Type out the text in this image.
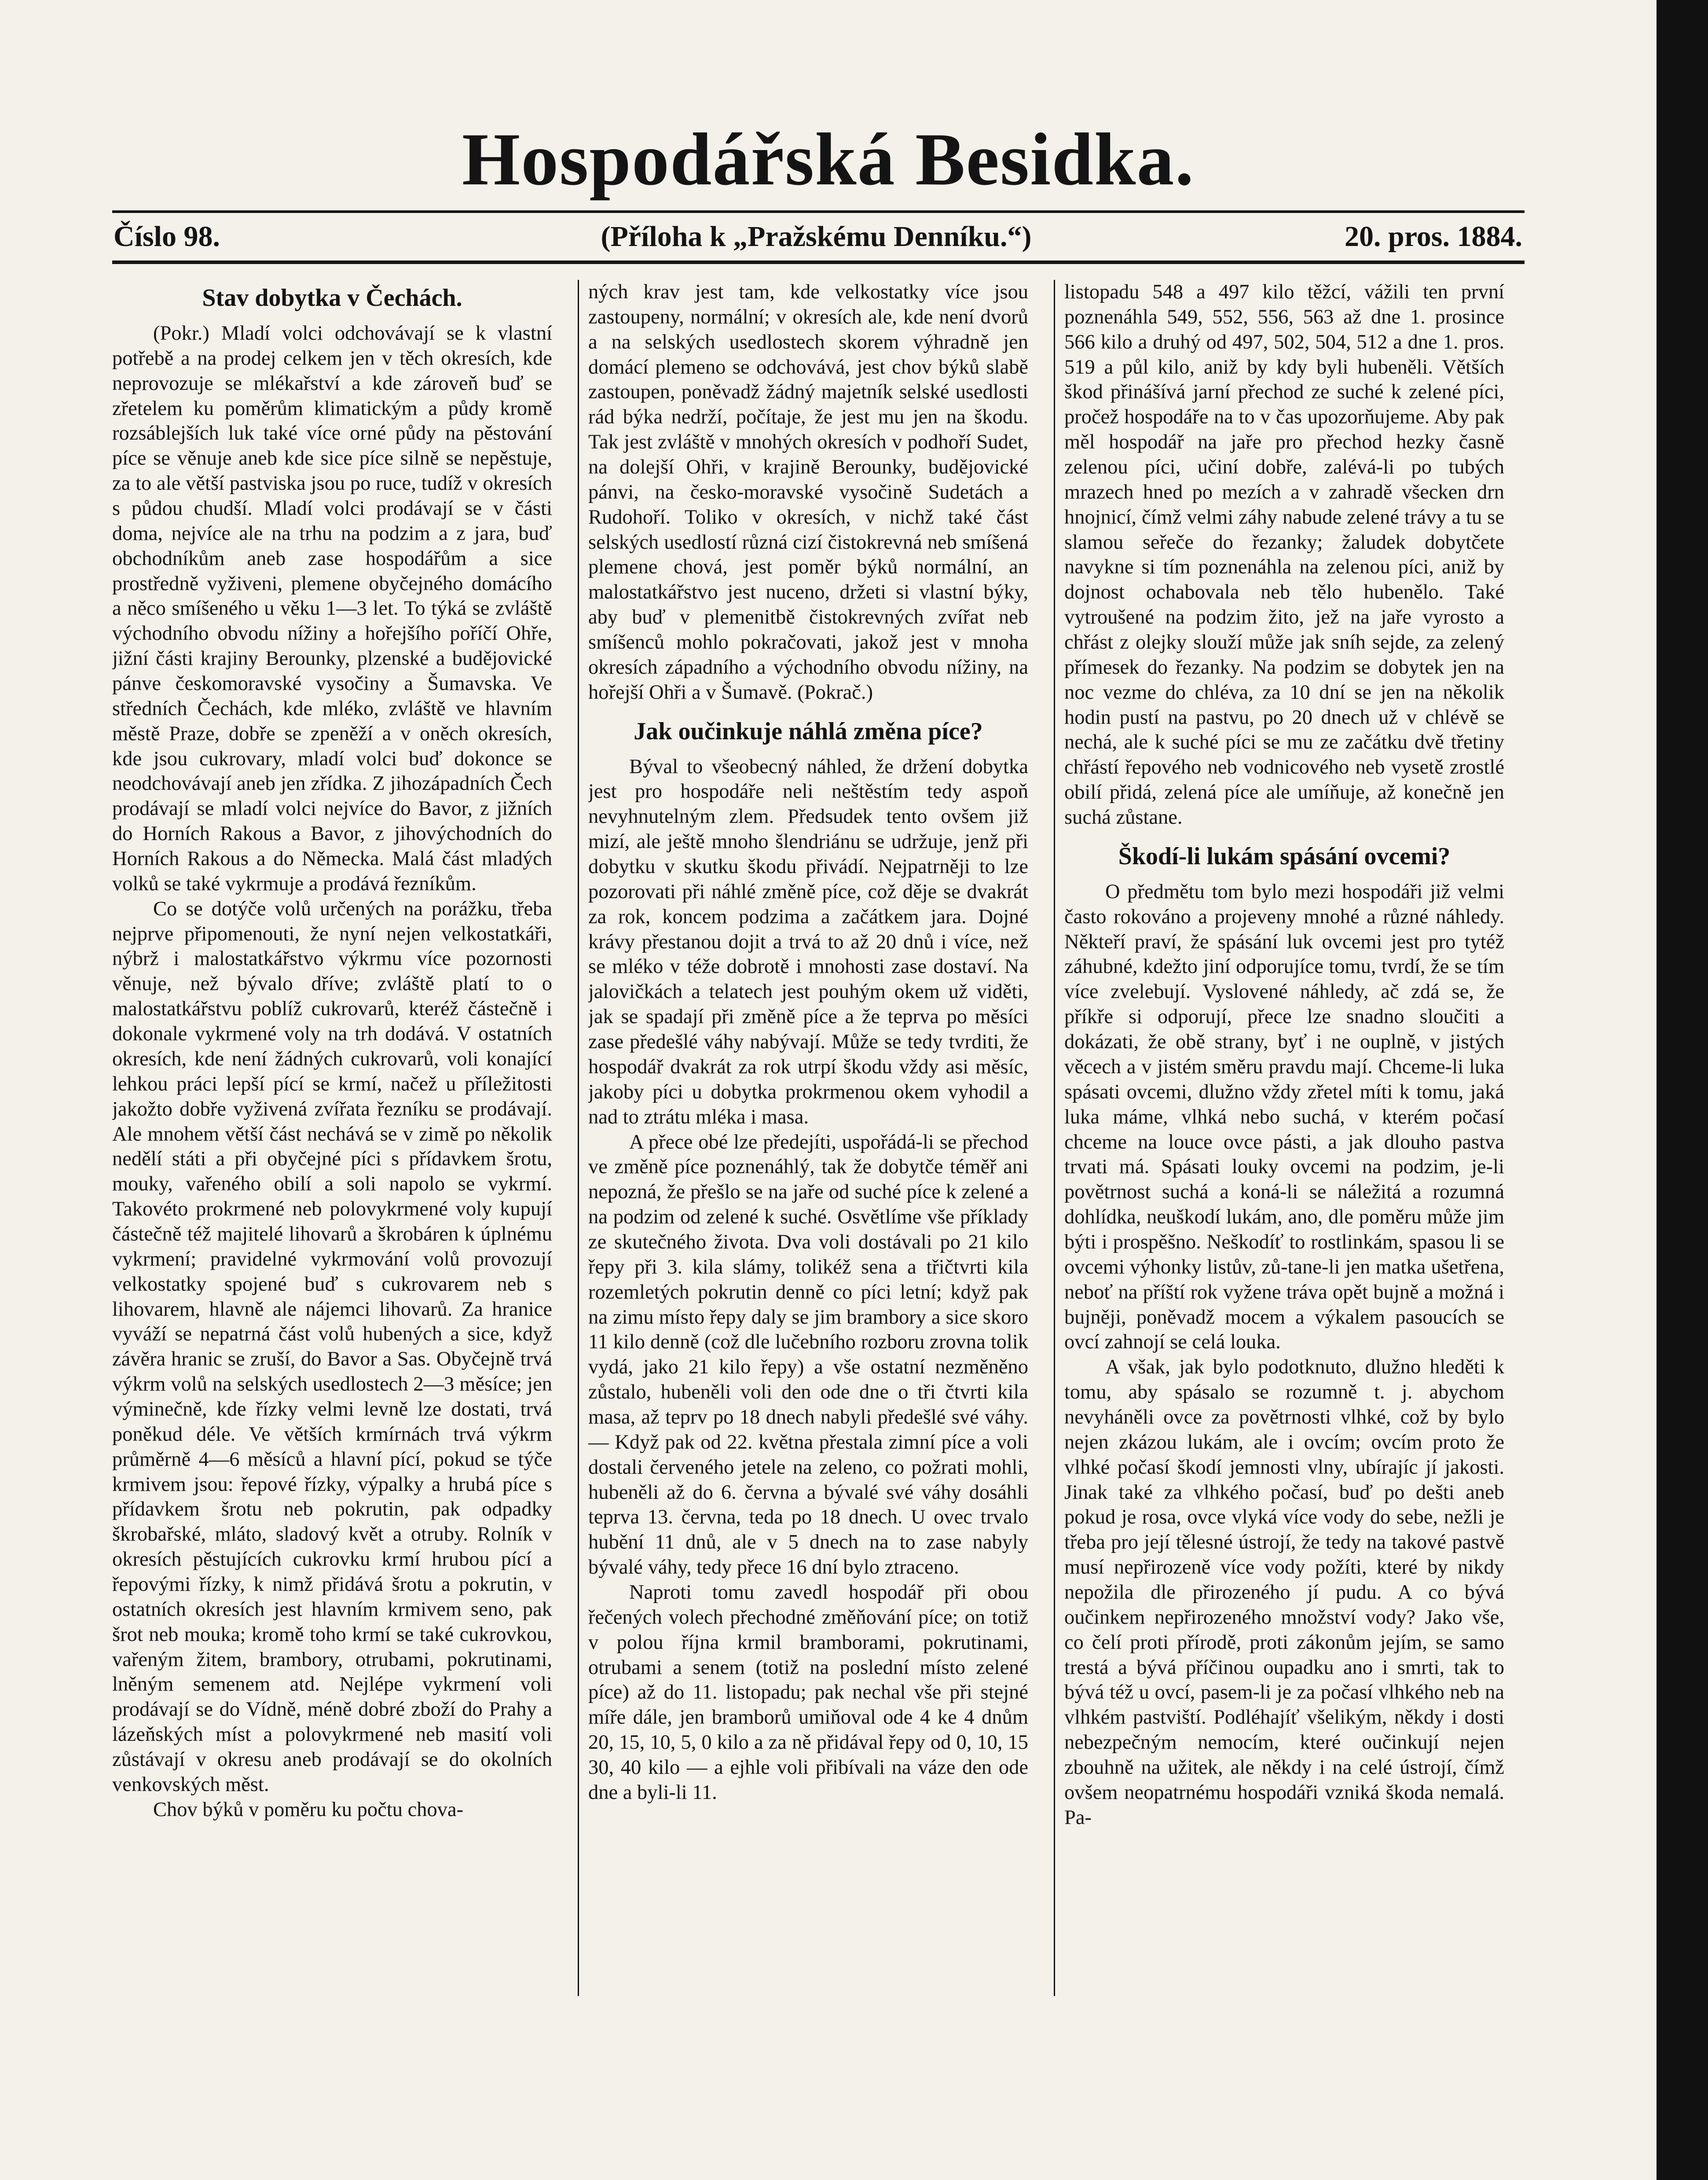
Hospodářská Besidka.
Číslo 98.	(Příloha k „Pražskému Denníku.“)	20. pros. 1884.
Stav dobytka v Čechách.

(Pokr.) Mladí volci odchovávají se k vlastní potřebě a na prodej celkem jen v těch okresích, kde neprovozuje se mlékařství a kde zároveň buď se zřetelem ku poměrům klimatickým a půdy kromě rozsáblejších luk také více orné půdy na pěstování píce se věnuje aneb kde sice píce silně se nepěstuje, za to ale větší pastviska jsou po ruce, tudíž v okresích s půdou chudší. Mladí volci prodávají se v části doma, nejvíce ale na trhu na podzim a z jara, buď obchodníkům aneb zase hospodářům a sice prostředně vyživeni, plemene obyčejného domácího a něco smíšeného u věku 1—3 let. To týká se zvláště východního obvodu nížiny a hořejšího poříčí Ohře, jižní části krajiny Berounky, plzenské a budějovické pánve českomoravské vysočiny a Šumavska. Ve středních Čechách, kde mléko, zvláště ve hlavním městě Praze, dobře se zpeněží a v oněch okresích, kde jsou cukrovary, mladí volci buď dokonce se neodchovávají aneb jen zřídka. Z jihozápadních Čech prodávají se mladí volci nejvíce do Bavor, z jižních do Horních Rakous a Bavor, z jihovýchodních do Horních Rakous a do Německa. Malá část mladých volků se také vykrmuje a prodává řezníkům.

Co se dotýče volů určených na porážku, třeba nejprve připomenouti, že nyní nejen velkostatkáři, nýbrž i malostatkářstvo výkrmu více pozornosti věnuje, než bývalo dříve; zvláště platí to o malostatkářstvu poblíž cukrovarů, kteréž částečně i dokonale vykrmené voly na trh dodává. V ostatních okresích, kde není žádných cukrovarů, voli konající lehkou práci lepší pící se krmí, načež u příležitosti jakožto dobře vyživená zvířata řezníku se prodávají. Ale mnohem větší část nechává se v zimě po několik nedělí státi a při obyčejné píci s přídavkem šrotu, mouky, vařeného obilí a soli napolo se vykrmí. Takovéto prokrmené neb polovykrmené voly kupují částečně též majitelé lihovarů a škrobáren k úplnému vykrmení; pravidelné vykrmování volů provozují velkostatky spojené buď s cukrovarem neb s lihovarem, hlavně ale nájemci lihovarů. Za hranice vyváží se nepatrná část volů hubených a sice, když závěra hranic se zruší, do Bavor a Sas. Obyčejně trvá výkrm volů na selských usedlostech 2—3 měsíce; jen výminečně, kde řízky velmi levně lze dostati, trvá poněkud déle. Ve větších krmírnách trvá výkrm průměrně 4—6 měsíců a hlavní pící, pokud se týče krmivem jsou: řepové řízky, výpalky a hrubá píce s přídavkem šrotu neb pokrutin, pak odpadky škrobařské, mláto, sladový květ a otruby. Rolník v okresích pěstujících cukrovku krmí hrubou pící a řepovými řízky, k nimž přidává šrotu a pokrutin, v ostatních okresích jest hlavním krmivem seno, pak šrot neb mouka; kromě toho krmí se také cukrovkou, vařeným žitem, brambory, otrubami, pokrutinami, lněným semenem atd. Nejlépe vykrmení voli prodávají se do Vídně, méně dobré zboží do Prahy a lázeňských míst a polovykrmené neb masití voli zůstávají v okresu aneb prodávají se do okolních venkovských měst.

Chov býků v poměru ku počtu chova-

ných krav jest tam, kde velkostatky více jsou zastoupeny, normální; v okresích ale, kde není dvorů a na selských usedlostech skorem výhradně jen domácí plemeno se odchovává, jest chov býků slabě zastoupen, poněvadž žádný majetník selské usedlosti rád býka nedrží, počítaje, že jest mu jen na škodu. Tak jest zvláště v mnohých okresích v podhoří Sudet, na dolejší Ohři, v krajině Berounky, budějovické pánvi, na česko-moravské vysočině Sudetách a Rudohoří. Toliko v okresích, v nichž také část selských usedlostí různá cizí čistokrevná neb smíšená plemene chová, jest poměr býků normální, an malostatkářstvo jest nuceno, držeti si vlastní býky, aby buď v plemenitbě čistokrevných zvířat neb smíšenců mohlo pokračovati, jakož jest v mnoha okresích západního a východního obvodu nížiny, na hořejší Ohři a v Šumavě. (Pokrač.)

Jak oučinkuje náhlá změna píce?

Býval to všeobecný náhled, že držení dobytka jest pro hospodáře neli neštěstím tedy aspoň nevyhnutelným zlem. Předsudek tento ovšem již mizí, ale ještě mnoho šlendriánu se udržuje, jenž při dobytku v skutku škodu přivádí. Nejpatrněji to lze pozorovati při náhlé změně píce, což děje se dvakrát za rok, koncem podzima a začátkem jara. Dojné krávy přestanou dojit a trvá to až 20 dnů i více, než se mléko v téže dobrotě i mnohosti zase dostaví. Na jalovičkách a telatech jest pouhým okem už viděti, jak se spadají při změně píce a že teprva po měsíci zase předešlé váhy nabývají. Může se tedy tvrditi, že hospodář dvakrát za rok utrpí škodu vždy asi měsíc, jakoby píci u dobytka prokrmenou okem vyhodil a nad to ztrátu mléka i masa.

A přece obé lze předejíti, uspořádá-li se přechod ve změně píce poznenáhlý, tak že dobytče téměř ani nepozná, že přešlo se na jaře od suché píce k zelené a na podzim od zelené k suché. Osvětlíme vše příklady ze skutečného života. Dva voli dostávali po 21 kilo řepy při 3. kila slámy, tolikéž sena a třičtvrti kila rozemletých pokrutin denně co píci letní; když pak na zimu místo řepy daly se jim brambory a sice skoro 11 kilo denně (což dle lučebního rozboru zrovna tolik vydá, jako 21 kilo řepy) a vše ostatní nezměněno zůstalo, hubeněli voli den ode dne o tři čtvrti kila masa, až teprv po 18 dnech nabyli předešlé své váhy. — Když pak od 22. května přestala zimní píce a voli dostali červeného jetele na zeleno, co požrati mohli, hubeněli až do 6. června a bývalé své váhy dosáhli teprva 13. června, teda po 18 dnech. U ovec trvalo hubění 11 dnů, ale v 5 dnech na to zase nabyly bývalé váhy, tedy přece 16 dní bylo ztraceno.

Naproti tomu zavedl hospodář při obou řečených volech přechodné změňování píce; on totiž v polou října krmil bramborami, pokrutinami, otrubami a senem (totiž na poslední místo zelené píce) až do 11. listopadu; pak nechal vše při stejné míře dále, jen bramborů umiňoval ode 4 ke 4 dnům 20, 15, 10, 5, 0 kilo a za ně přidával řepy od 0, 10, 15 30, 40 kilo — a ejhle voli přibívali na váze den ode dne a byli-li 11.

listopadu 548 a 497 kilo těžcí, vážili ten první poznenáhla 549, 552, 556, 563 až dne 1. prosince 566 kilo a druhý od 497, 502, 504, 512 a dne 1. pros. 519 a půl kilo, aniž by kdy byli hubeněli. Větších škod přinášívá jarní přechod ze suché k zelené píci, pročež hospodáře na to v čas upozorňujeme. Aby pak měl hospodář na jaře pro přechod hezky časně zelenou píci, učiní dobře, zalévá-li po tubých mrazech hned po mezích a v zahradě všecken drn hnojnicí, čímž velmi záhy nabude zelené trávy a tu se slamou seřeče do řezanky; žaludek dobytčete navykne si tím poznenáhla na zelenou píci, aniž by dojnost ochabovala neb tělo hubenělo. Také vytroušené na podzim žito, jež na jaře vyrosto a chřást z olejky slouží může jak sníh sejde, za zelený přímesek do řezanky. Na podzim se dobytek jen na noc vezme do chléva, za 10 dní se jen na několik hodin pustí na pastvu, po 20 dnech už v chlévě se nechá, ale k suché píci se mu ze začátku dvě třetiny chřástí řepového neb vodnicového neb vysetě zrostlé obilí přidá, zelená píce ale umíňuje, až konečně jen suchá zůstane.

Škodí-li lukám spásání ovcemi?

O předmětu tom bylo mezi hospodáři již velmi často rokováno a projeveny mnohé a různé náhledy. Někteří praví, že spásání luk ovcemi jest pro tytéž záhubné, kdežto jiní odporujíce tomu, tvrdí, že se tím více zvelebují. Vyslovené náhledy, ač zdá se, že příkře si odporují, přece lze snadno sloučiti a dokázati, že obě strany, byť i ne ouplně, v jistých věcech a v jistém směru pravdu mají. Chceme-li luka spásati ovcemi, dlužno vždy zřetel míti k tomu, jaká luka máme, vlhká nebo suchá, v kterém počasí chceme na louce ovce pásti, a jak dlouho pastva trvati má. Spásati louky ovcemi na podzim, je-li povětrnost suchá a koná-li se náležitá a rozumná dohlídka, neuškodí lukám, ano, dle poměru může jim býti i prospěšno. Neškodíť to rostlinkám, spasou li se ovcemi výhonky listův, zů-tane-li jen matka ušetřena, neboť na příští rok vyžene tráva opět bujně a možná i bujněji, poněvadž mocem a výkalem pasoucích se ovcí zahnojí se celá louka.

A však, jak bylo podotknuto, dlužno hleděti k tomu, aby spásalo se rozumně t. j. abychom nevyháněli ovce za povětrnosti vlhké, což by bylo nejen zkázou lukám, ale i ovcím; ovcím proto že vlhké počasí škodí jemnosti vlny, ubírajíc jí jakosti. Jinak také za vlhkého počasí, buď po dešti aneb pokud je rosa, ovce vlyká více vody do sebe, nežli je třeba pro její tělesné ústrojí, že tedy na takové pastvě musí nepřirozeně více vody požíti, které by nikdy nepožila dle přirozeného jí pudu. A co bývá oučinkem nepřirozeného množství vody? Jako vše, co čelí proti přírodě, proti zákonům jejím, se samo trestá a bývá příčinou oupadku ano i smrti, tak to bývá též u ovcí, pasem-li je za počasí vlhkého neb na vlhkém pastviští. Podléhajíť všelikým, někdy i dosti nebezpečným nemocím, které oučinkují nejen zbouhně na užitek, ale někdy i na celé ústrojí, čímž ovšem neopatrnému hospodáři vzniká škoda nemalá. Pa-
